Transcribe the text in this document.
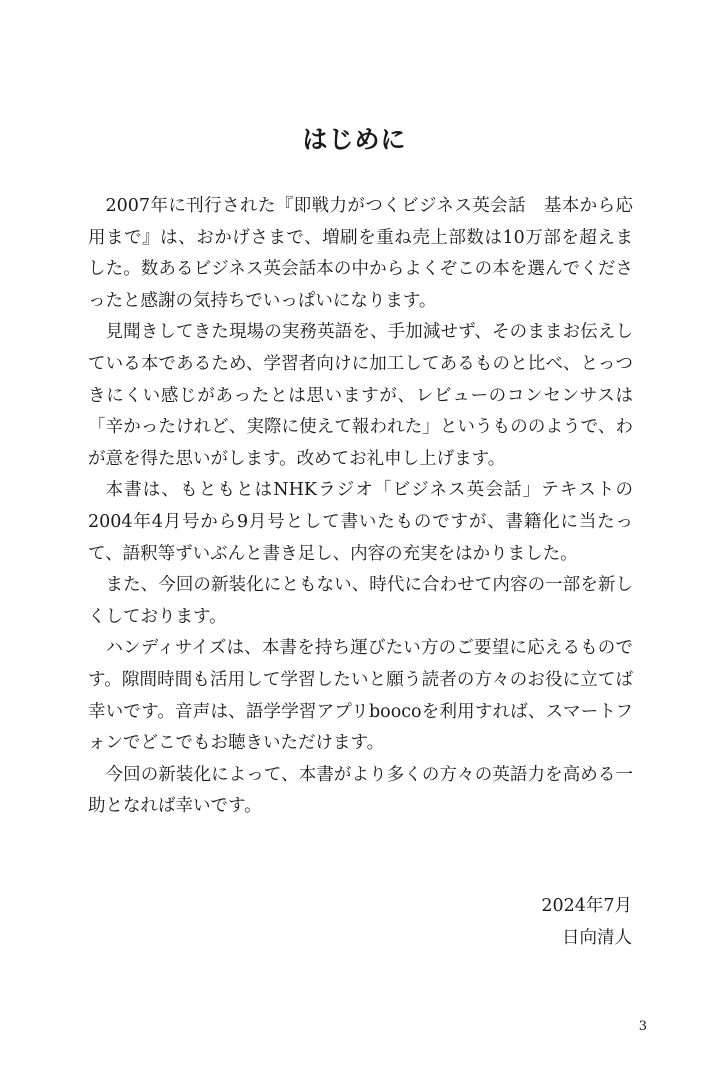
はじめに

2007年に刊行された『即戦力がつくビジネス英会話　基本から応用まで』は、おかげさまで、増刷を重ね売上部数は10万部を超えました。数あるビジネス英会話本の中からよくぞこの本を選んでくださったと感謝の気持ちでいっぱいになります。

見聞きしてきた現場の実務英語を、手加減せず、そのままお伝えしている本であるため、学習者向けに加工してあるものと比べ、とっつきにくい感じがあったとは思いますが、レビューのコンセンサスは「辛かったけれど、実際に使えて報われた」というもののようで、わが意を得た思いがします。改めてお礼申し上げます。

本書は、もともとはNHKラジオ「ビジネス英会話」テキストの2004年4月号から9月号として書いたものですが、書籍化に当たって、語釈等ずいぶんと書き足し、内容の充実をはかりました。

また、今回の新装化にともない、時代に合わせて内容の一部を新しくしております。

ハンディサイズは、本書を持ち運びたい方のご要望に応えるものです。隙間時間も活用して学習したいと願う読者の方々のお役に立てば幸いです。音声は、語学学習アプリboocoを利用すれば、スマートフォンでどこでもお聴きいただけます。

今回の新装化によって、本書がより多くの方々の英語力を高める一助となれば幸いです。

2024年7月
日向清人
3
